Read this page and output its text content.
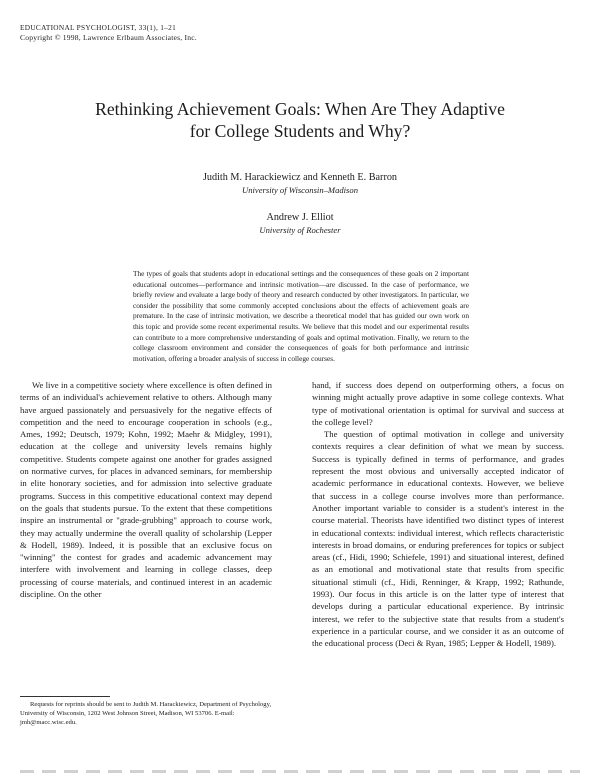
EDUCATIONAL PSYCHOLOGIST, 33(1), 1–21
Copyright © 1998, Lawrence Erlbaum Associates, Inc.
Rethinking Achievement Goals: When Are They Adaptive
for College Students and Why?
Judith M. Harackiewicz and Kenneth E. Barron
University of Wisconsin–Madison
Andrew J. Elliot
University of Rochester
The types of goals that students adopt in educational settings and the consequences of these goals on 2 important educational outcomes—performance and intrinsic motivation—are discussed. In the case of performance, we briefly review and evaluate a large body of theory and research conducted by other investigators. In particular, we consider the possibility that some commonly accepted conclusions about the effects of achievement goals are premature. In the case of intrinsic motivation, we describe a theoretical model that has guided our own work on this topic and provide some recent experimental results. We believe that this model and our experimental results can contribute to a more comprehensive understanding of goals and optimal motivation. Finally, we return to the college classroom environment and consider the consequences of goals for both performance and intrinsic motivation, offering a broader analysis of success in college courses.

We live in a competitive society where excellence is often defined in terms of an individual's achievement relative to others. Although many have argued passionately and persuasively for the negative effects of competition and the need to encourage cooperation in schools (e.g., Ames, 1992; Deutsch, 1979; Kohn, 1992; Maehr & Midgley, 1991), education at the college and university levels remains highly competitive. Students compete against one another for grades assigned on normative curves, for places in advanced seminars, for membership in elite honorary societies, and for admission into selective graduate programs. Success in this competitive educational context may depend on the goals that students pursue. To the extent that these competitions inspire an instrumental or "grade-grubbing" approach to course work, they may actually undermine the overall quality of scholarship (Lepper & Hodell, 1989). Indeed, it is possible that an exclusive focus on "winning" the contest for grades and academic advancement may interfere with involvement and learning in college classes, deep processing of course materials, and continued interest in an academic discipline. On the other

hand, if success does depend on outperforming others, a focus on winning might actually prove adaptive in some college contexts. What type of motivational orientation is optimal for survival and success at the college level?

The question of optimal motivation in college and university contexts requires a clear definition of what we mean by success. Success is typically defined in terms of performance, and grades represent the most obvious and universally accepted indicator of academic performance in educational contexts. However, we believe that success in a college course involves more than performance. Another important variable to consider is a student's interest in the course material. Theorists have identified two distinct types of interest in educational contexts: individual interest, which reflects characteristic interests in broad domains, or enduring preferences for topics or subject areas (cf., Hidi, 1990; Schiefele, 1991) and situational interest, defined as an emotional and motivational state that results from specific situational stimuli (cf., Hidi, Renninger, & Krapp, 1992; Rathunde, 1993). Our focus in this article is on the latter type of interest that develops during a particular educational experience. By intrinsic interest, we refer to the subjective state that results from a student's experience in a particular course, and we consider it as an outcome of the educational process (Deci & Ryan, 1985; Lepper & Hodell, 1989).

Requests for reprints should be sent to Judith M. Harackiewicz, Department of Psychology, University of Wisconsin, 1202 West Johnson Street, Madison, WI 53706. E-mail: jmh@macc.wisc.edu.
